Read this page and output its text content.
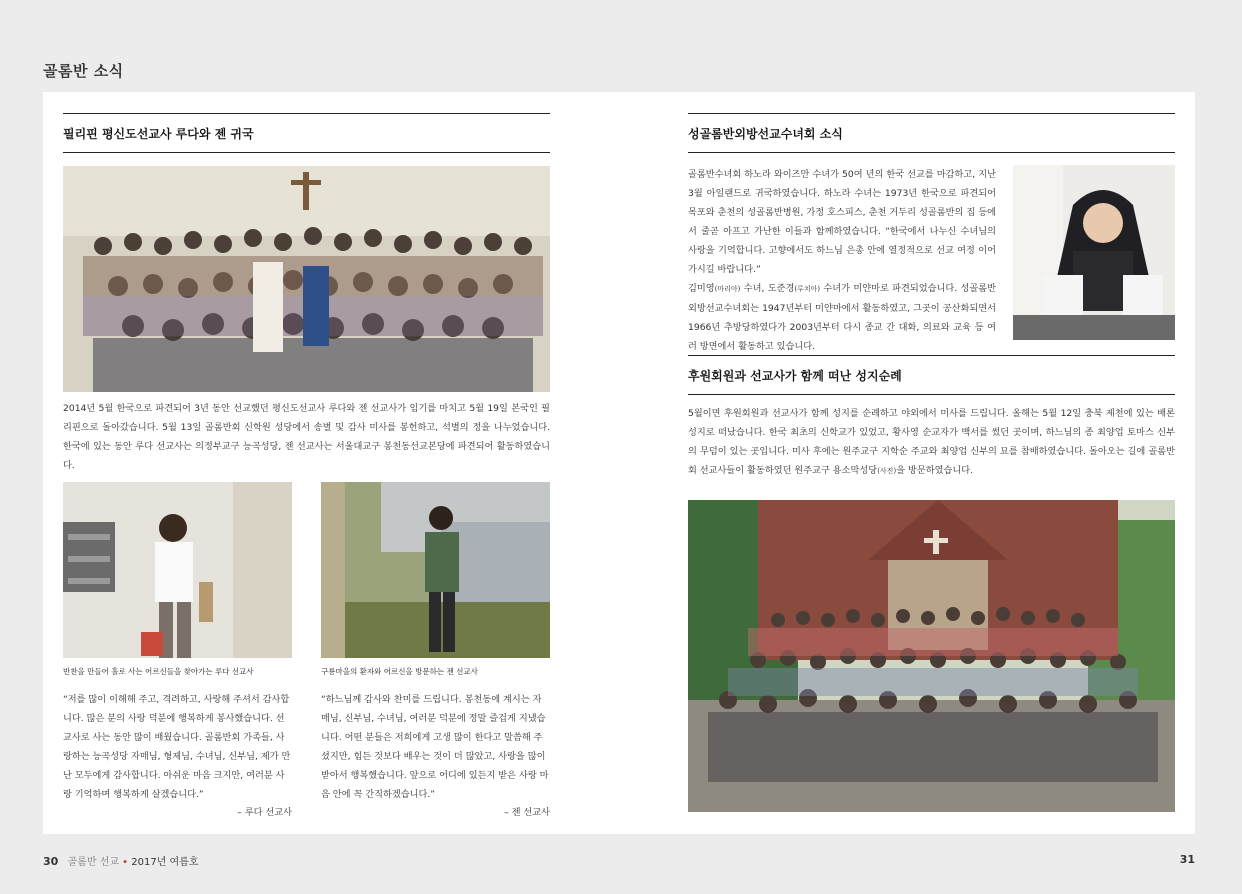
골롬반 소식
필리핀 평신도선교사 루다와 젠 귀국

2014년 5월 한국으로 파견되어 3년 동안 선교했던 평신도선교사 루다와 젠 선교사가 임기를 마치고 5월 19일 본국인 필리핀으로 돌아갔습니다. 5월 13일 골롬반회 신학원 성당에서 송별 및 감사 미사를 봉헌하고, 석별의 정을 나누었습니다. 한국에 있는 동안 루다 선교사는 의정부교구 능곡성당, 젠 선교사는 서울대교구 봉천동선교본당에 파견되어 활동하였습니다.

반찬을 만들어 홀로 사는 어르신들을 찾아가는 루다 선교사

“저를 많이 이해해 주고, 격려하고, 사랑해 주셔서 감사합니다. 많은 분의 사랑 덕분에 행복하게 봉사했습니다. 선교사로 사는 동안 많이 배웠습니다. 골롬반회 가족들, 사랑하는 능곡성당 자매님, 형제님, 수녀님, 신부님, 제가 만난 모두에게 감사합니다. 아쉬운 마음 크지만, 여러분 사랑 기억하며 행복하게 살겠습니다.”

– 루다 선교사
구룡마을의 환자와 어르신을 방문하는 젠 선교사

“하느님께 감사와 찬미를 드립니다. 봉천동에 계시는 자매님, 신부님, 수녀님, 여러분 덕분에 정말 즐겁게 지냈습니다. 어떤 분들은 저희에게 고생 많이 한다고 말씀해 주셨지만, 힘든 것보다 배우는 것이 더 많았고, 사랑을 많이 받아서 행복했습니다. 앞으로 어디에 있든지 받은 사랑 마음 안에 꼭 간직하겠습니다.”

– 젠 선교사
성골롬반외방선교수녀회 소식

골롬반수녀회 하노라 와이즈만 수녀가 50여 년의 한국 선교를 마감하고, 지난 3월 아일랜드로 귀국하였습니다. 하노라 수녀는 1973년 한국으로 파견되어 목포와 춘천의 성골롬반병원, 가정 호스피스, 춘천 거두리 성골롬반의 집 등에서 줄곧 아프고 가난한 이들과 함께하였습니다. “한국에서 나누신 수녀님의 사랑을 기억합니다. 고향에서도 하느님 은총 안에 열정적으로 선교 여정 이어 가시길 바랍니다.”

김미영(마리아) 수녀, 도준경(루치아) 수녀가 미얀마로 파견되었습니다. 성골롬반외방선교수녀회는 1947년부터 미얀마에서 활동하였고, 그곳이 공산화되면서 1966년 추방당하였다가 2003년부터 다시 종교 간 대화, 의료와 교육 등 여러 방면에서 활동하고 있습니다.

후원회원과 선교사가 함께 떠난 성지순례

5월이면 후원회원과 선교사가 함께 성지를 순례하고 야외에서 미사를 드립니다. 올해는 5월 12일 충북 제천에 있는 배론성지로 떠났습니다. 한국 최초의 신학교가 있었고, 황사영 순교자가 백서를 썼던 곳이며, 하느님의 종 최양업 토마스 신부의 무덤이 있는 곳입니다. 미사 후에는 원주교구 지학순 주교와 최양업 신부의 묘를 참배하였습니다. 돌아오는 길에 골롬반회 선교사들이 활동하였던 원주교구 용소막성당(사진)을 방문하였습니다.

30 골롬반 선교 • 2017년 여름호	31
